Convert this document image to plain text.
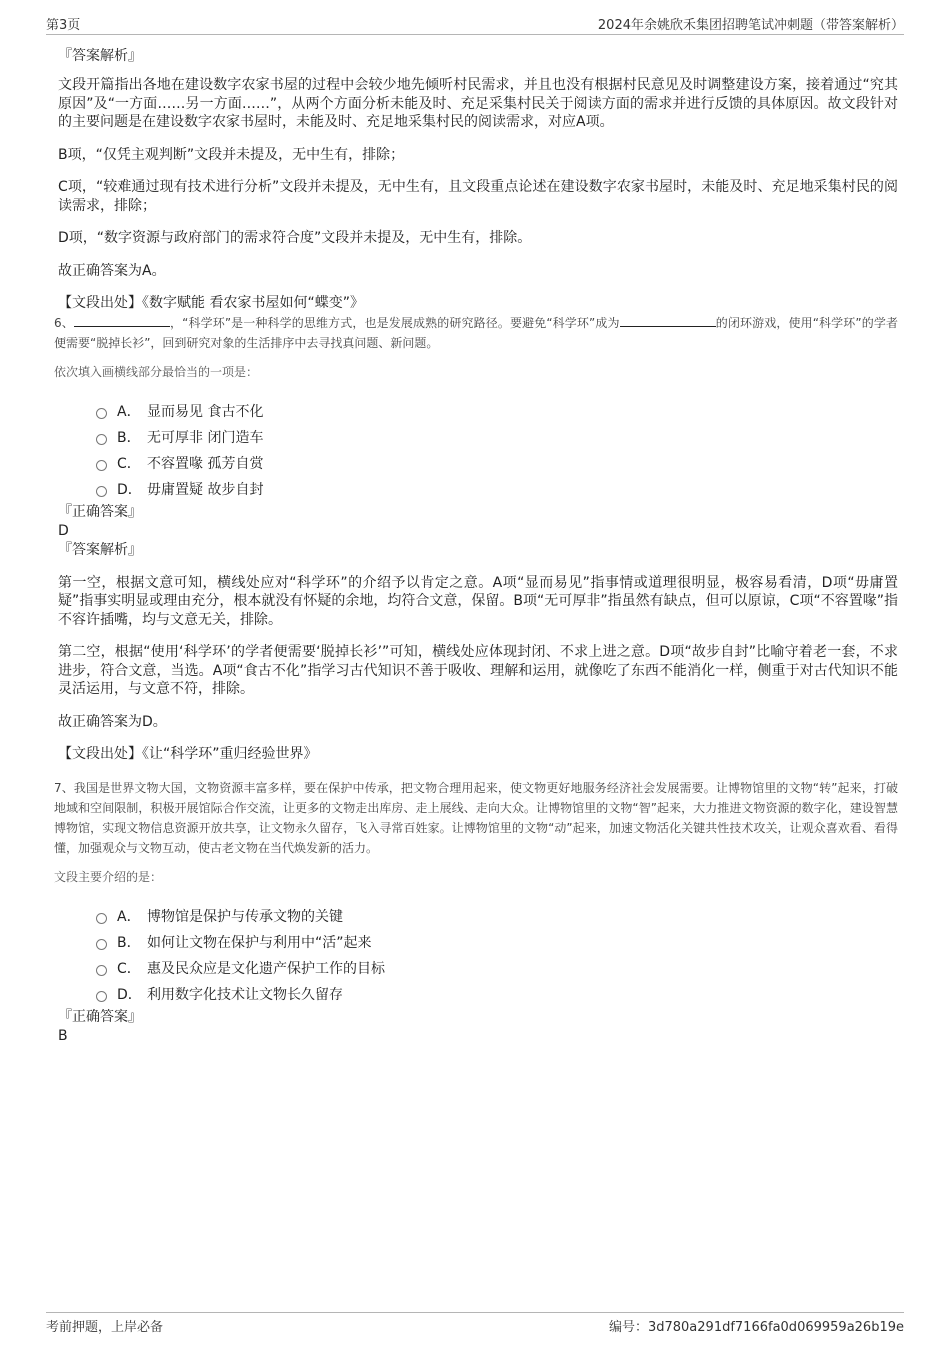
第3页	2024年余姚欣禾集团招聘笔试冲刺题（带答案解析）

『答案解析』

文段开篇指出各地在建设数字农家书屋的过程中会较少地先倾听村民需求，并且也没有根据村民意见及时调整建设方案，接着通过“究其原因”及“一方面……另一方面……”，从两个方面分析未能及时、充足采集村民关于阅读方面的需求并进行反馈的具体原因。故文段针对的主要问题是在建设数字农家书屋时，未能及时、充足地采集村民的阅读需求，对应A项。

B项，“仅凭主观判断”文段并未提及，无中生有，排除；

C项，“较难通过现有技术进行分析”文段并未提及，无中生有，且文段重点论述在建设数字农家书屋时，未能及时、充足地采集村民的阅读需求，排除；

D项，“数字资源与政府部门的需求符合度”文段并未提及，无中生有，排除。

故正确答案为A。

【文段出处】《数字赋能 看农家书屋如何“蝶变”》

6、	，“科学环”是一种科学的思维方式，也是发展成熟的研究路径。要避免“科学环”成为	的闭环游戏，使用“科学环”的学者便需要“脱掉长衫”，回到研究对象的生活排序中去寻找真问题、新问题。

依次填入画横线部分最恰当的一项是：

A． 显而易见 食古不化
B． 无可厚非 闭门造车
C． 不容置喙 孤芳自赏
D． 毋庸置疑 故步自封

『正确答案』

D

『答案解析』

第一空，根据文意可知，横线处应对“科学环”的介绍予以肯定之意。A项“显而易见”指事情或道理很明显，极容易看清，D项“毋庸置疑”指事实明显或理由充分，根本就没有怀疑的余地，均符合文意，保留。B项“无可厚非”指虽然有缺点，但可以原谅，C项“不容置喙”指不容许插嘴，均与文意无关，排除。

第二空，根据“使用‘科学环’的学者便需要‘脱掉长衫’”可知，横线处应体现封闭、不求上进之意。D项“故步自封”比喻守着老一套，不求进步，符合文意，当选。A项“食古不化”指学习古代知识不善于吸收、理解和运用，就像吃了东西不能消化一样，侧重于对古代知识不能灵活运用，与文意不符，排除。

故正确答案为D。

【文段出处】《让“科学环”重归经验世界》

7、我国是世界文物大国，文物资源丰富多样，要在保护中传承，把文物合理用起来，使文物更好地服务经济社会发展需要。让博物馆里的文物“转”起来，打破地域和空间限制，积极开展馆际合作交流，让更多的文物走出库房、走上展线、走向大众。让博物馆里的文物“智”起来，大力推进文物资源的数字化，建设智慧博物馆，实现文物信息资源开放共享，让文物永久留存，飞入寻常百姓家。让博物馆里的文物“动”起来，加速文物活化关键共性技术攻关，让观众喜欢看、看得懂，加强观众与文物互动，使古老文物在当代焕发新的活力。

文段主要介绍的是：

A． 博物馆是保护与传承文物的关键
B． 如何让文物在保护与利用中“活”起来
C． 惠及民众应是文化遗产保护工作的目标
D． 利用数字化技术让文物长久留存

『正确答案』

B

考前押题，上岸必备	编号：3d780a291df7166fa0d069959a26b19e
